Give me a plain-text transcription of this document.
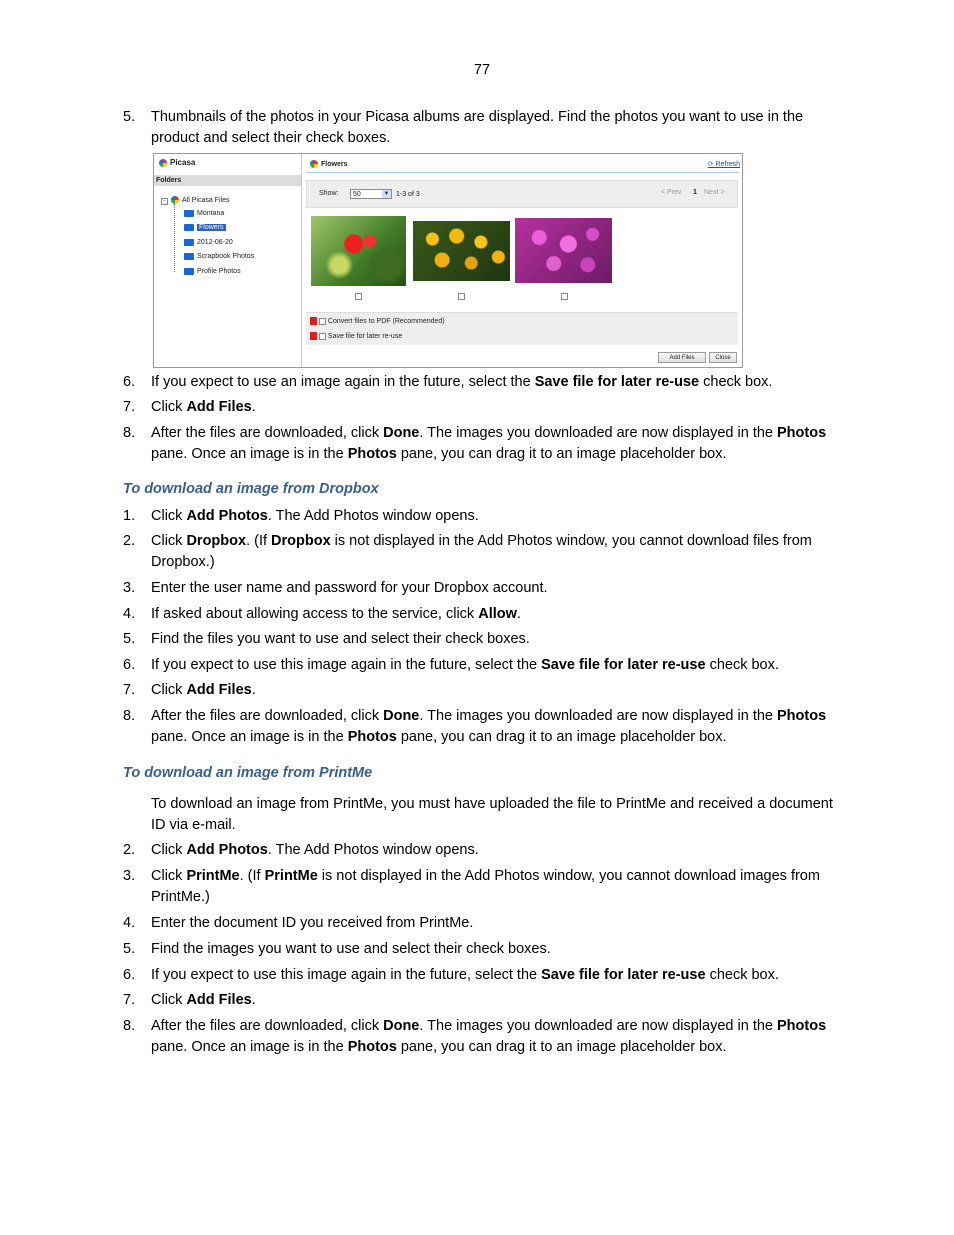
77
5. Thumbnails of the photos in your Picasa albums are displayed. Find the photos you want to use in the product and select their check boxes.
Picasa
Folders
− All Picasa Files
Montana
Flowers
2012-06-20
Scrapbook Photos
Profile Photos
Flowers	⟳ Refresh
Show: 50	▼ 1-3 of 3	< Prev 1 Next >
Convert files to PDF (Recommended)
Save file for later re-use
Add Files	Close
6. If you expect to use an image again in the future, select the Save file for later re-use check box.
7. Click Add Files.
8. After the files are downloaded, click Done. The images you downloaded are now displayed in the Photos pane. Once an image is in the Photos pane, you can drag it to an image placeholder box.
To download an image from Dropbox
1. Click Add Photos. The Add Photos window opens.
2. Click Dropbox. (If Dropbox is not displayed in the Add Photos window, you cannot download files from Dropbox.)
3. Enter the user name and password for your Dropbox account.
4. If asked about allowing access to the service, click Allow.
5. Find the files you want to use and select their check boxes.
6. If you expect to use this image again in the future, select the Save file for later re-use check box.
7. Click Add Files.
8. After the files are downloaded, click Done. The images you downloaded are now displayed in the Photos pane. Once an image is in the Photos pane, you can drag it to an image placeholder box.
To download an image from PrintMe
To download an image from PrintMe, you must have uploaded the file to PrintMe and received a document ID via e-mail.
2. Click Add Photos. The Add Photos window opens.
3. Click PrintMe. (If PrintMe is not displayed in the Add Photos window, you cannot download images from PrintMe.)
4. Enter the document ID you received from PrintMe.
5. Find the images you want to use and select their check boxes.
6. If you expect to use this image again in the future, select the Save file for later re-use check box.
7. Click Add Files.
8. After the files are downloaded, click Done. The images you downloaded are now displayed in the Photos pane. Once an image is in the Photos pane, you can drag it to an image placeholder box.
